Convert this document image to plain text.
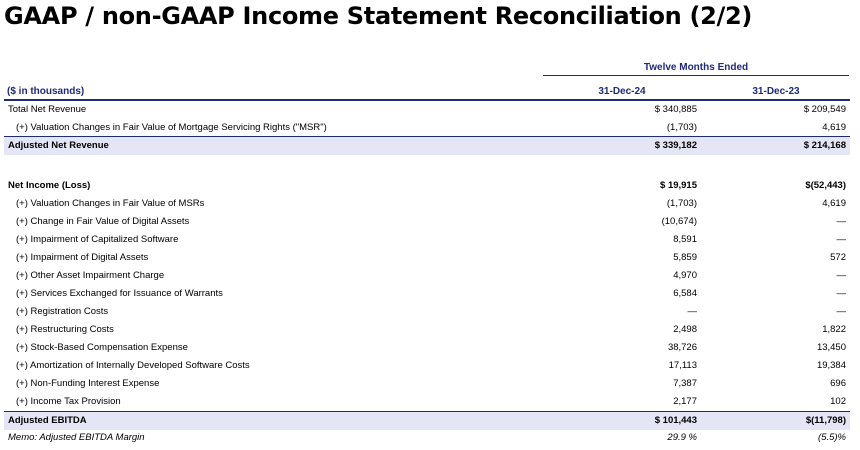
GAAP / non-GAAP Income Statement Reconciliation (2/2)
Twelve Months Ended
($ in thousands)	31-Dec-24	31-Dec-23
Total Net Revenue	$ 340,885	$ 209,549
(+) Valuation Changes in Fair Value of Mortgage Servicing Rights ("MSR")	(1,703)	4,619
Adjusted Net Revenue	$ 339,182	$ 214,168
Net Income (Loss)	$ 19,915	$(52,443)
(+) Valuation Changes in Fair Value of MSRs	(1,703)	4,619
(+) Change in Fair Value of Digital Assets	(10,674)	—
(+) Impairment of Capitalized Software	8,591	—
(+) Impairment of Digital Assets	5,859	572
(+) Other Asset Impairment Charge	4,970	—
(+) Services Exchanged for Issuance of Warrants	6,584	—
(+) Registration Costs	—	—
(+) Restructuring Costs	2,498	1,822
(+) Stock-Based Compensation Expense	38,726	13,450
(+) Amortization of Internally Developed Software Costs	17,113	19,384
(+) Non-Funding Interest Expense	7,387	696
(+) Income Tax Provision	2,177	102
Adjusted EBITDA	$ 101,443	$(11,798)
Memo: Adjusted EBITDA Margin	29.9 %	(5.5)%
